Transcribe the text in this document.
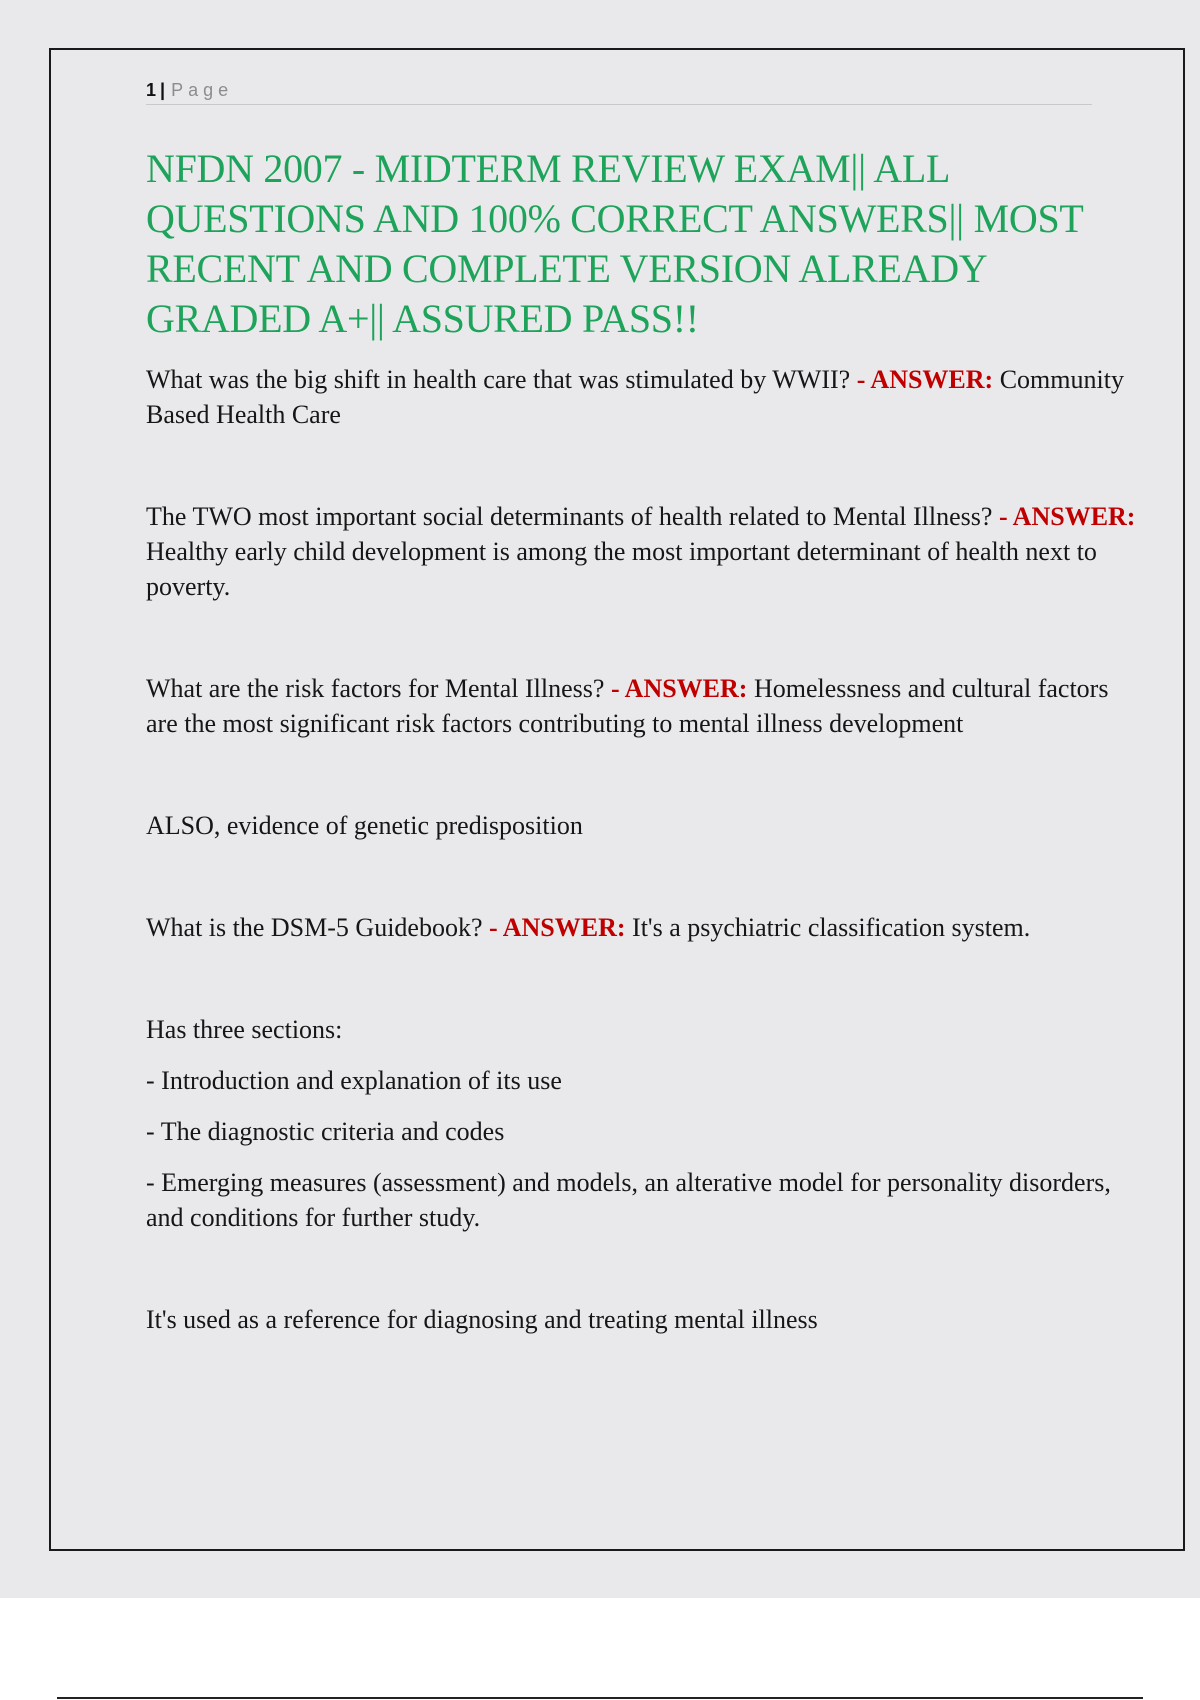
1 | Page
NFDN 2007 - MIDTERM REVIEW EXAM|| ALL QUESTIONS AND 100% CORRECT ANSWERS|| MOST RECENT AND COMPLETE VERSION ALREADY GRADED A+|| ASSURED PASS!!

What was the big shift in health care that was stimulated by WWII? - ANSWER: Community Based Health Care

The TWO most important social determinants of health related to Mental Illness? - ANSWER: Healthy early child development is among the most important determinant of health next to poverty.

What are the risk factors for Mental Illness? - ANSWER: Homelessness and cultural factors are the most significant risk factors contributing to mental illness development

ALSO, evidence of genetic predisposition

What is the DSM-5 Guidebook? - ANSWER: It's a psychiatric classification system.

Has three sections:

- Introduction and explanation of its use

- The diagnostic criteria and codes

- Emerging measures (assessment) and models, an alterative model for personality disorders, and conditions for further study.

It's used as a reference for diagnosing and treating mental illness
